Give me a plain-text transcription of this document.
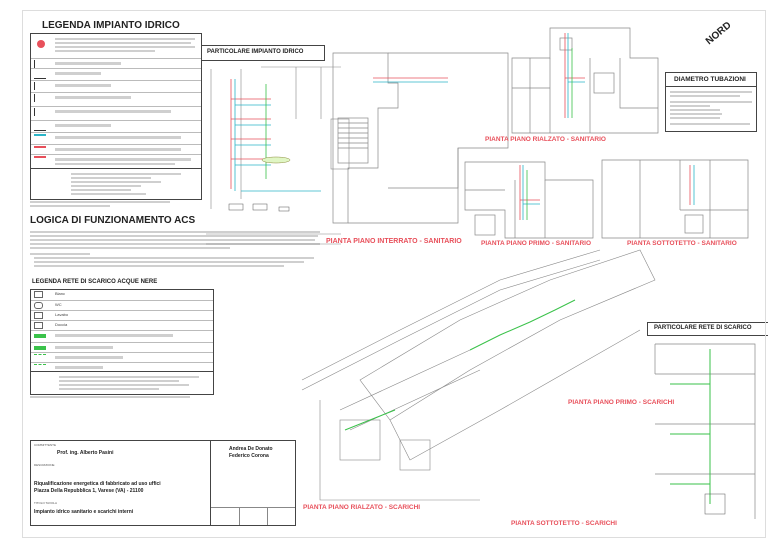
LEGENDA IMPIANTO IDRICO
LOGICA DI FUNZIONAMENTO ACS
LEGENDA RETE DI SCARICO ACQUE NERE
Bianc
WC
Lavabo
Doccia
COMMITTENTE
Prof. ing. Alberto Pasini
DESCRIZIONE
Riqualificazione energetica di fabbricato ad uso uffici
Piazza Della Repubblica 1, Varese (VA) - 21100
TITOLO TAVOLA
Impianto idrico sanitario e scarichi interni
Andrea De Donato
Federico Corona
PARTICOLARE IMPIANTO IDRICO
PIANTA PIANO INTERRATO - SANITARIO
PIANTA PIANO RIALZATO - SANITARIO
NORD
DIAMETRO TUBAZIONI
PIANTA PIANO PRIMO - SANITARIO	PIANTA SOTTOTETTO - SANITARIO
PARTICOLARE RETE DI SCARICO
PIANTA PIANO PRIMO - SCARICHI
PIANTA PIANO RIALZATO - SCARICHI
PIANTA SOTTOTETTO - SCARICHI
